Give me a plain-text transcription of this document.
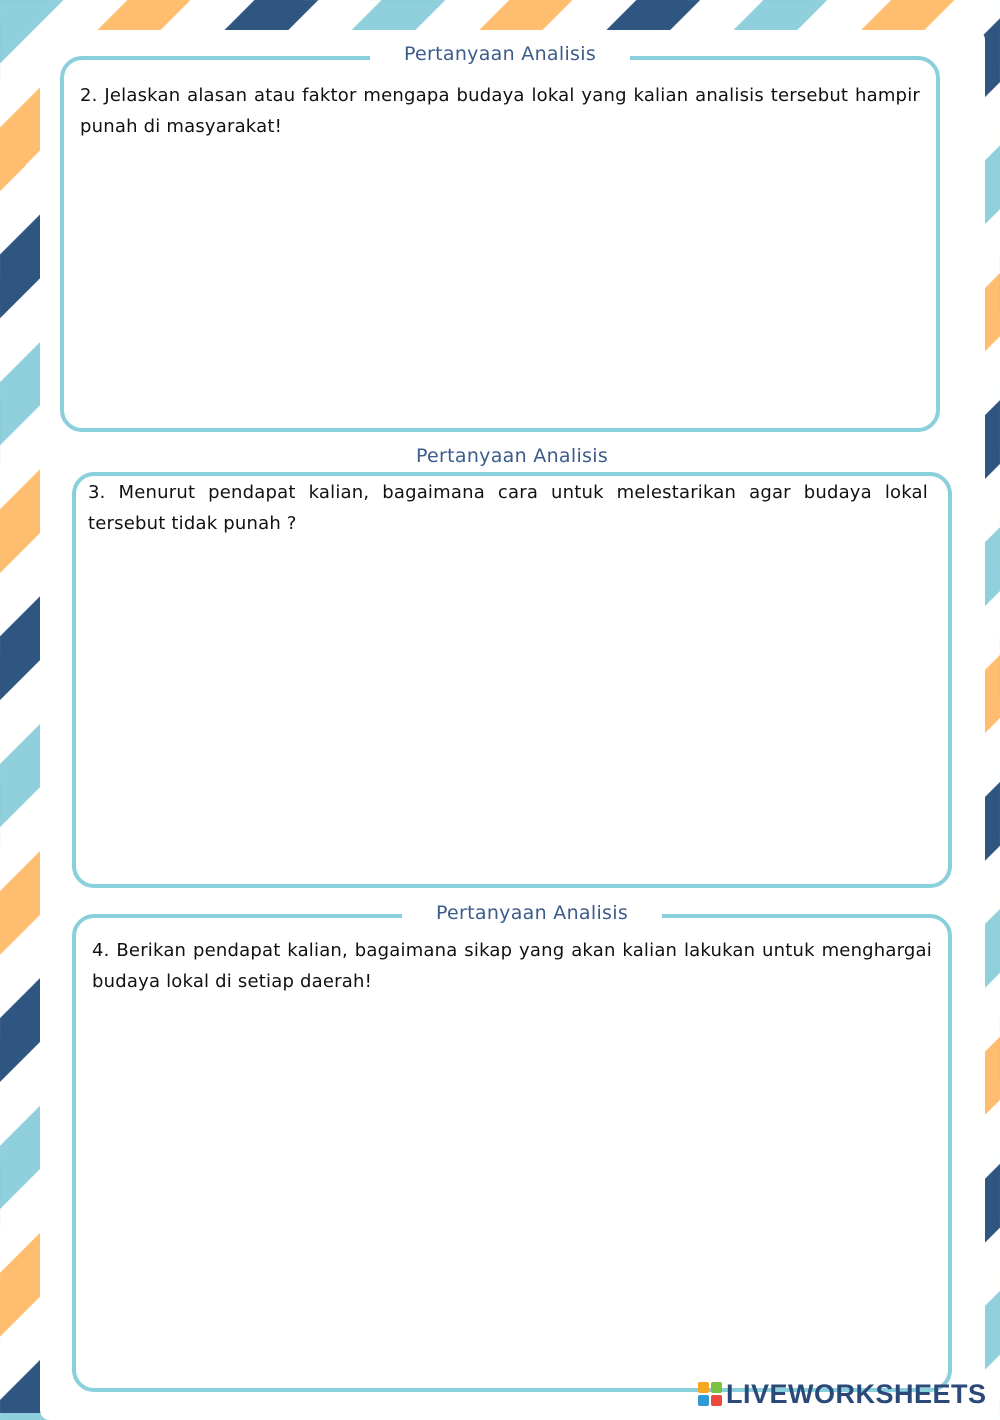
Pertanyaan Analisis
2. Jelaskan alasan atau faktor mengapa budaya lokal yang kalian analisis tersebut hampir punah di masyarakat!
Pertanyaan Analisis
3. Menurut pendapat kalian, bagaimana cara untuk melestarikan agar budaya lokal tersebut tidak punah ?
Pertanyaan Analisis
4. Berikan pendapat kalian, bagaimana sikap yang akan kalian lakukan untuk menghargai budaya lokal di setiap daerah!
LIVEWORKSHEETS
